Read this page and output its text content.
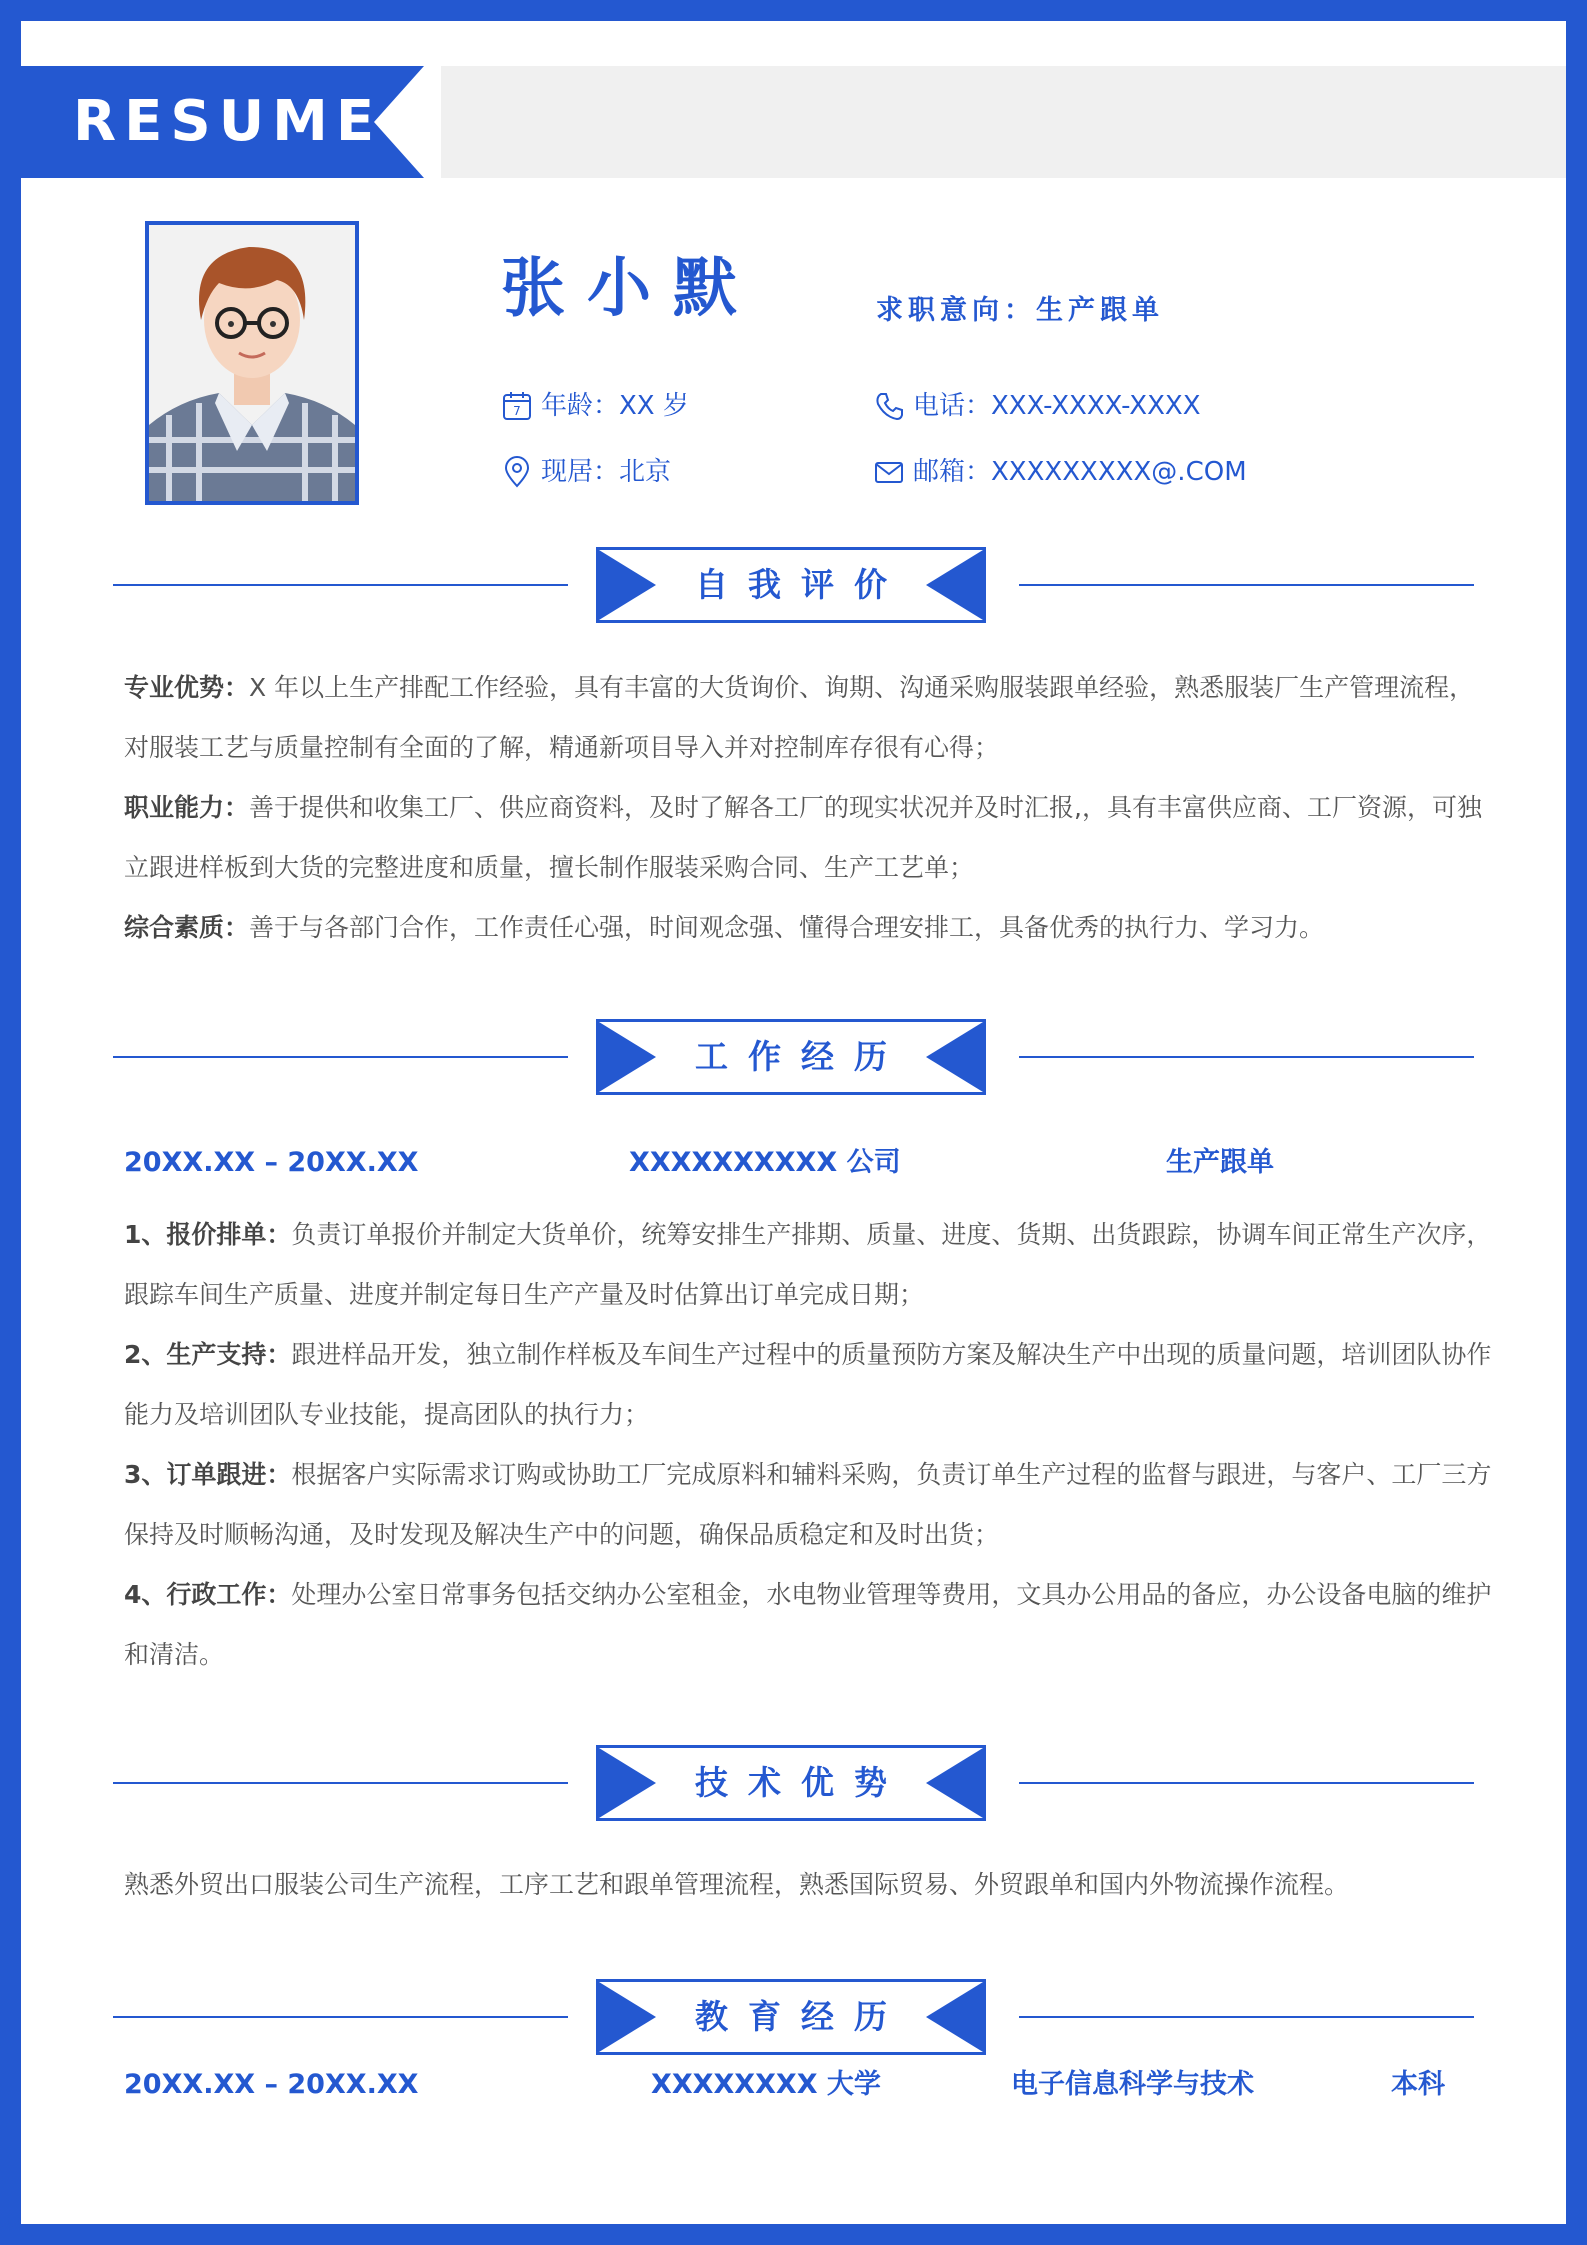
RESUME
张小默	求职意向：生产跟单
7 年龄：XX 岁	电话：XXX-XXXX-XXXX
现居：北京	邮箱：XXXXXXXXX@.COM
自我评价
专业优势：X 年以上生产排配工作经验，具有丰富的大货询价、询期、沟通采购服装跟单经验，熟悉服装厂生产管理流程，对服装工艺与质量控制有全面的了解，精通新项目导入并对控制库存很有心得；
职业能力：善于提供和收集工厂、供应商资料，及时了解各工厂的现实状况并及时汇报,，具有丰富供应商、工厂资源，可独立跟进样板到大货的完整进度和质量，擅长制作服装采购合同、生产工艺单；
综合素质：善于与各部门合作，工作责任心强，时间观念强、懂得合理安排工，具备优秀的执行力、学习力。
工作经历
20XX.XX – 20XX.XX	XXXXXXXXXX 公司	生产跟单
1、报价排单：负责订单报价并制定大货单价，统筹安排生产排期、质量、进度、货期、出货跟踪，协调车间正常生产次序，跟踪车间生产质量、进度并制定每日生产产量及时估算出订单完成日期；
2、生产支持：跟进样品开发，独立制作样板及车间生产过程中的质量预防方案及解决生产中出现的质量问题，培训团队协作能力及培训团队专业技能，提高团队的执行力；
3、订单跟进：根据客户实际需求订购或协助工厂完成原料和辅料采购，负责订单生产过程的监督与跟进，与客户、工厂三方保持及时顺畅沟通，及时发现及解决生产中的问题，确保品质稳定和及时出货；
4、行政工作：处理办公室日常事务包括交纳办公室租金，水电物业管理等费用，文具办公用品的备应，办公设备电脑的维护和清洁。
技术优势
熟悉外贸出口服装公司生产流程，工序工艺和跟单管理流程，熟悉国际贸易、外贸跟单和国内外物流操作流程。
教育经历
20XX.XX – 20XX.XX	XXXXXXXX 大学	电子信息科学与技术	本科
